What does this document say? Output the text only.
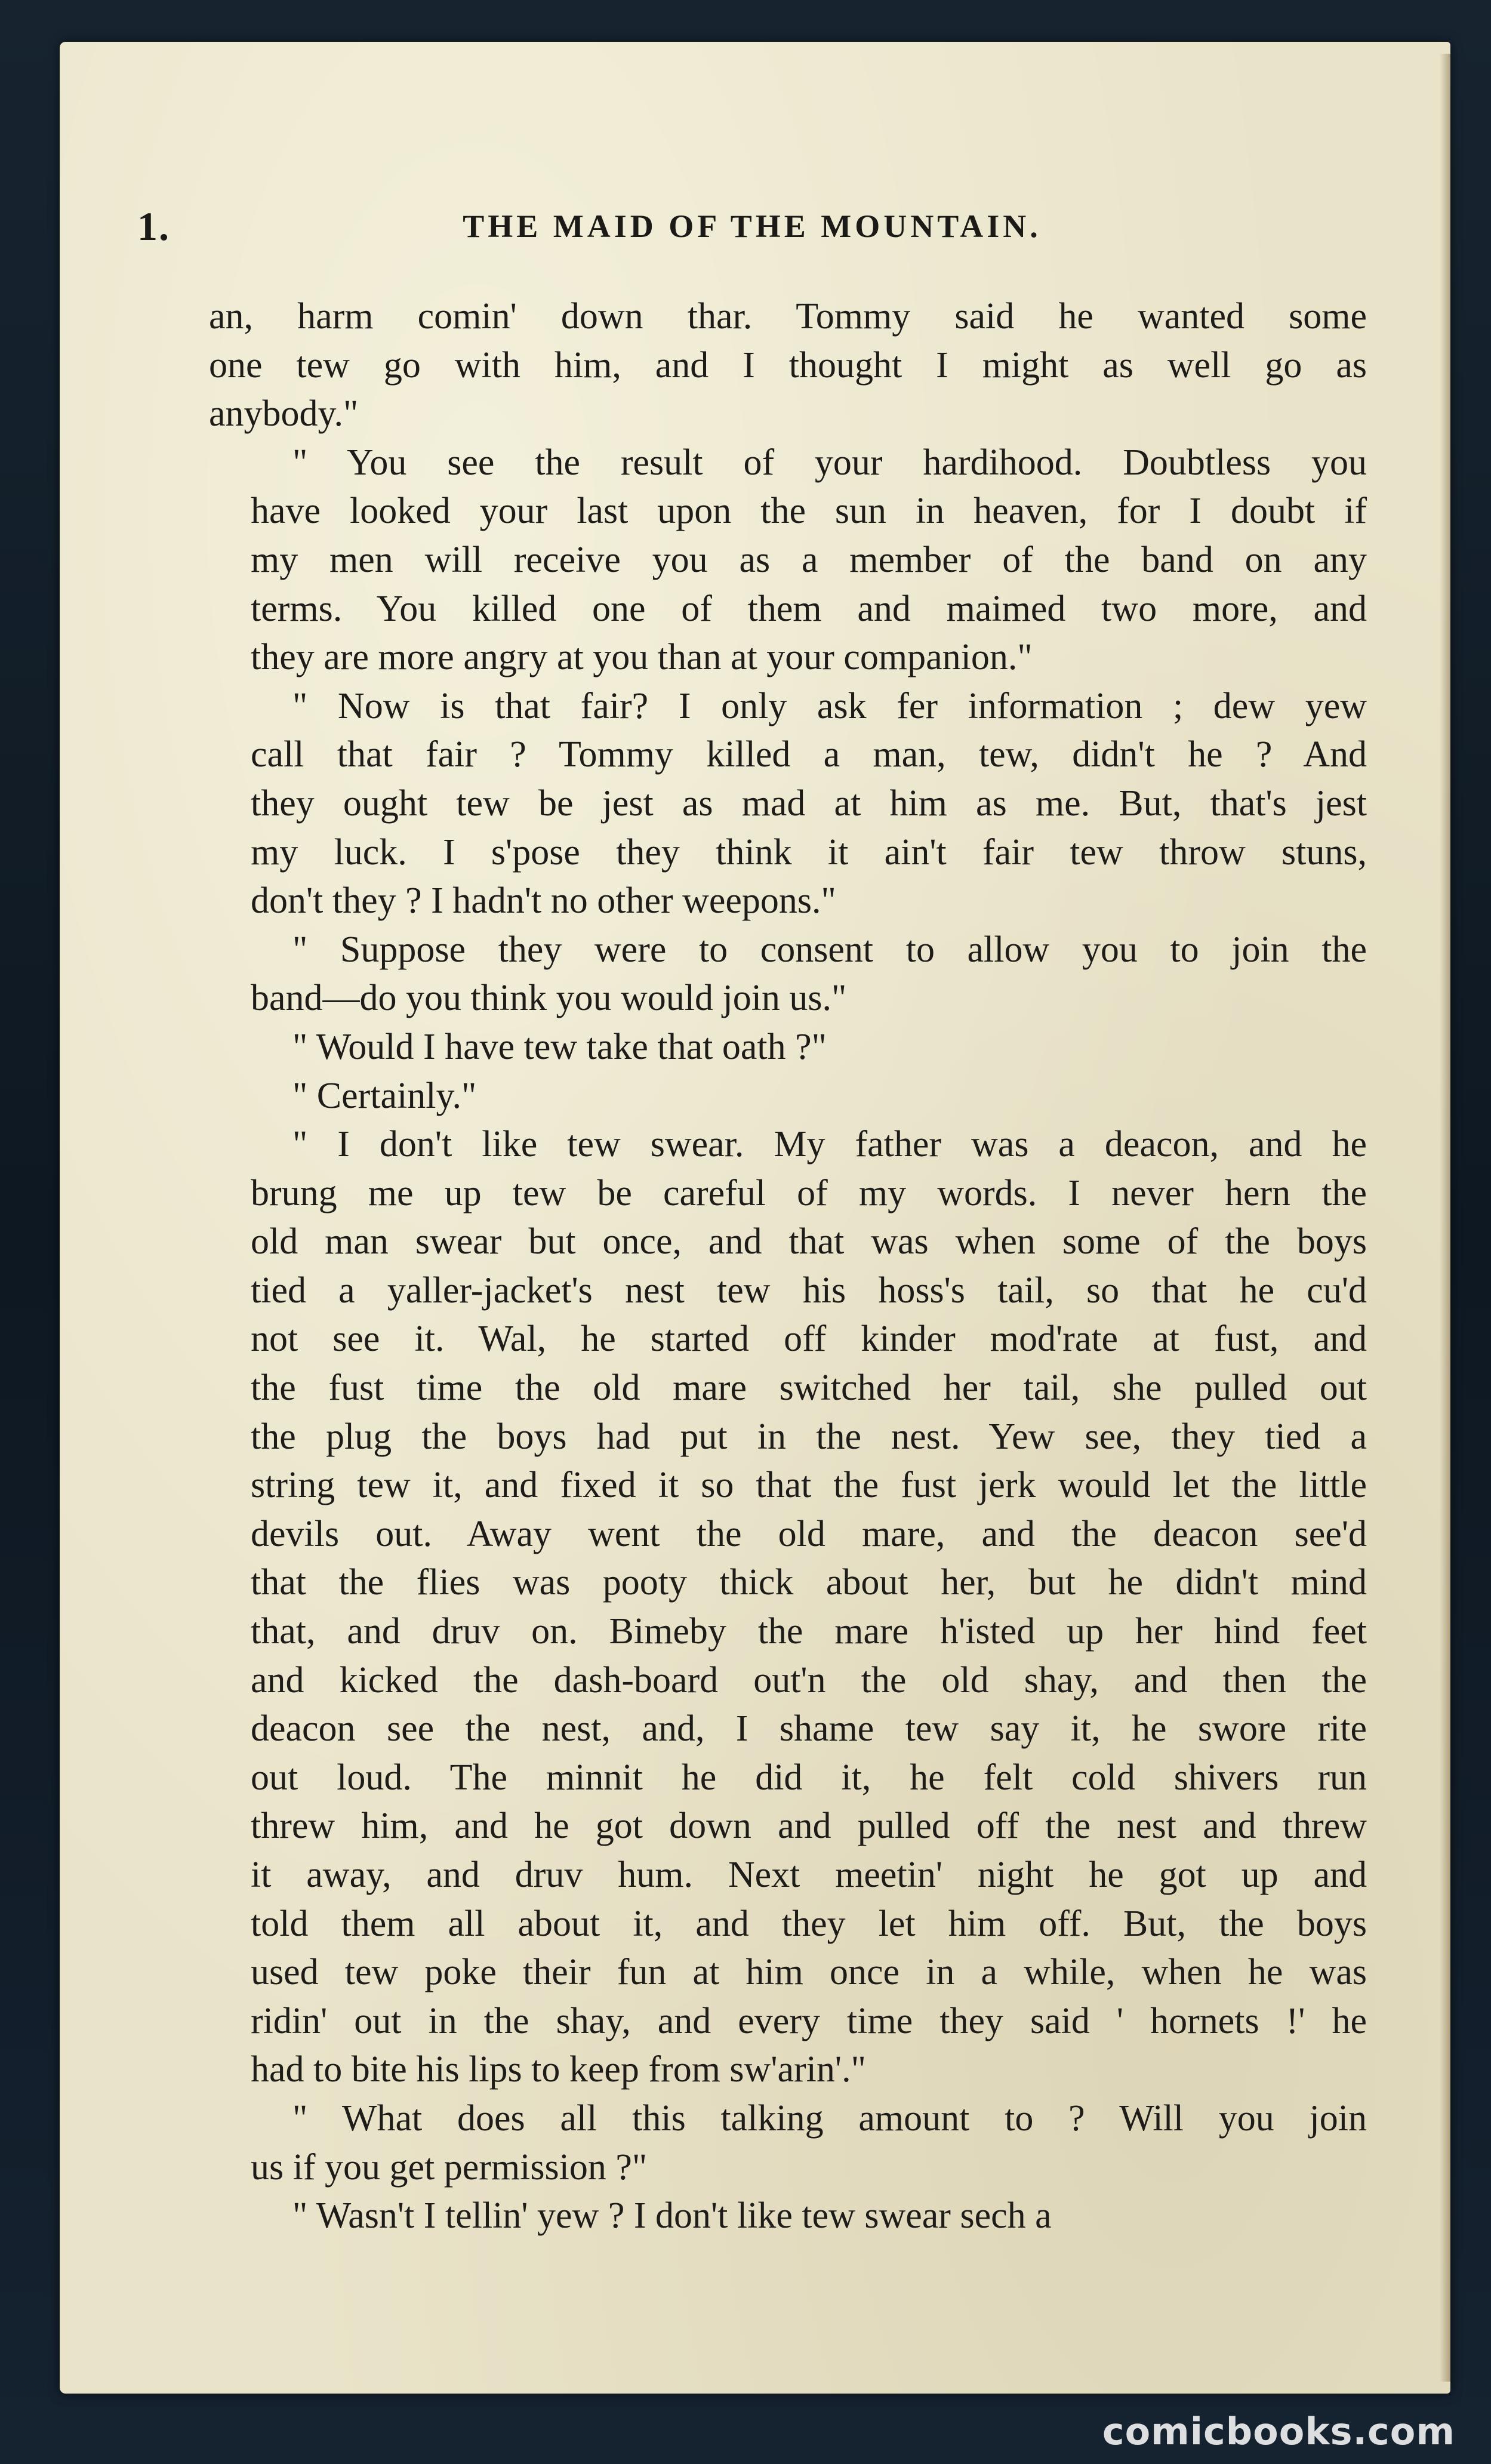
1.	THE MAID OF THE MOUNTAIN.

an, harm comin' down thar. Tommy said he wanted some
one tew go with him, and I thought I might as well go as
anybody."

" You see the result of your hardihood. Doubtless you
have looked your last upon the sun in heaven, for I doubt if
my men will receive you as a member of the band on any
terms. You killed one of them and maimed two more, and
they are more angry at you than at your companion."

" Now is that fair? I only ask fer information ; dew yew
call that fair ? Tommy killed a man, tew, didn't he ? And
they ought tew be jest as mad at him as me. But, that's jest
my luck. I s'pose they think it ain't fair tew throw stuns,
don't they ? I hadn't no other weepons."

" Suppose they were to consent to allow you to join the
band—do you think you would join us."

" Would I have tew take that oath ?"

" Certainly."

" I don't like tew swear. My father was a deacon, and he
brung me up tew be careful of my words. I never hern the
old man swear but once, and that was when some of the boys
tied a yaller-jacket's nest tew his hoss's tail, so that he cu'd
not see it. Wal, he started off kinder mod'rate at fust, and
the fust time the old mare switched her tail, she pulled out
the plug the boys had put in the nest. Yew see, they tied a
string tew it, and fixed it so that the fust jerk would let the little
devils out. Away went the old mare, and the deacon see'd
that the flies was pooty thick about her, but he didn't mind
that, and druv on. Bimeby the mare h'isted up her hind feet
and kicked the dash-board out'n the old shay, and then the
deacon see the nest, and, I shame tew say it, he swore rite
out loud. The minnit he did it, he felt cold shivers run
threw him, and he got down and pulled off the nest and threw
it away, and druv hum. Next meetin' night he got up and
told them all about it, and they let him off. But, the boys
used tew poke their fun at him once in a while, when he was
ridin' out in the shay, and every time they said ' hornets !' he
had to bite his lips to keep from sw'arin'."

" What does all this talking amount to ? Will you join
us if you get permission ?"

" Wasn't I tellin' yew ? I don't like tew swear sech a

comicbooks.com
